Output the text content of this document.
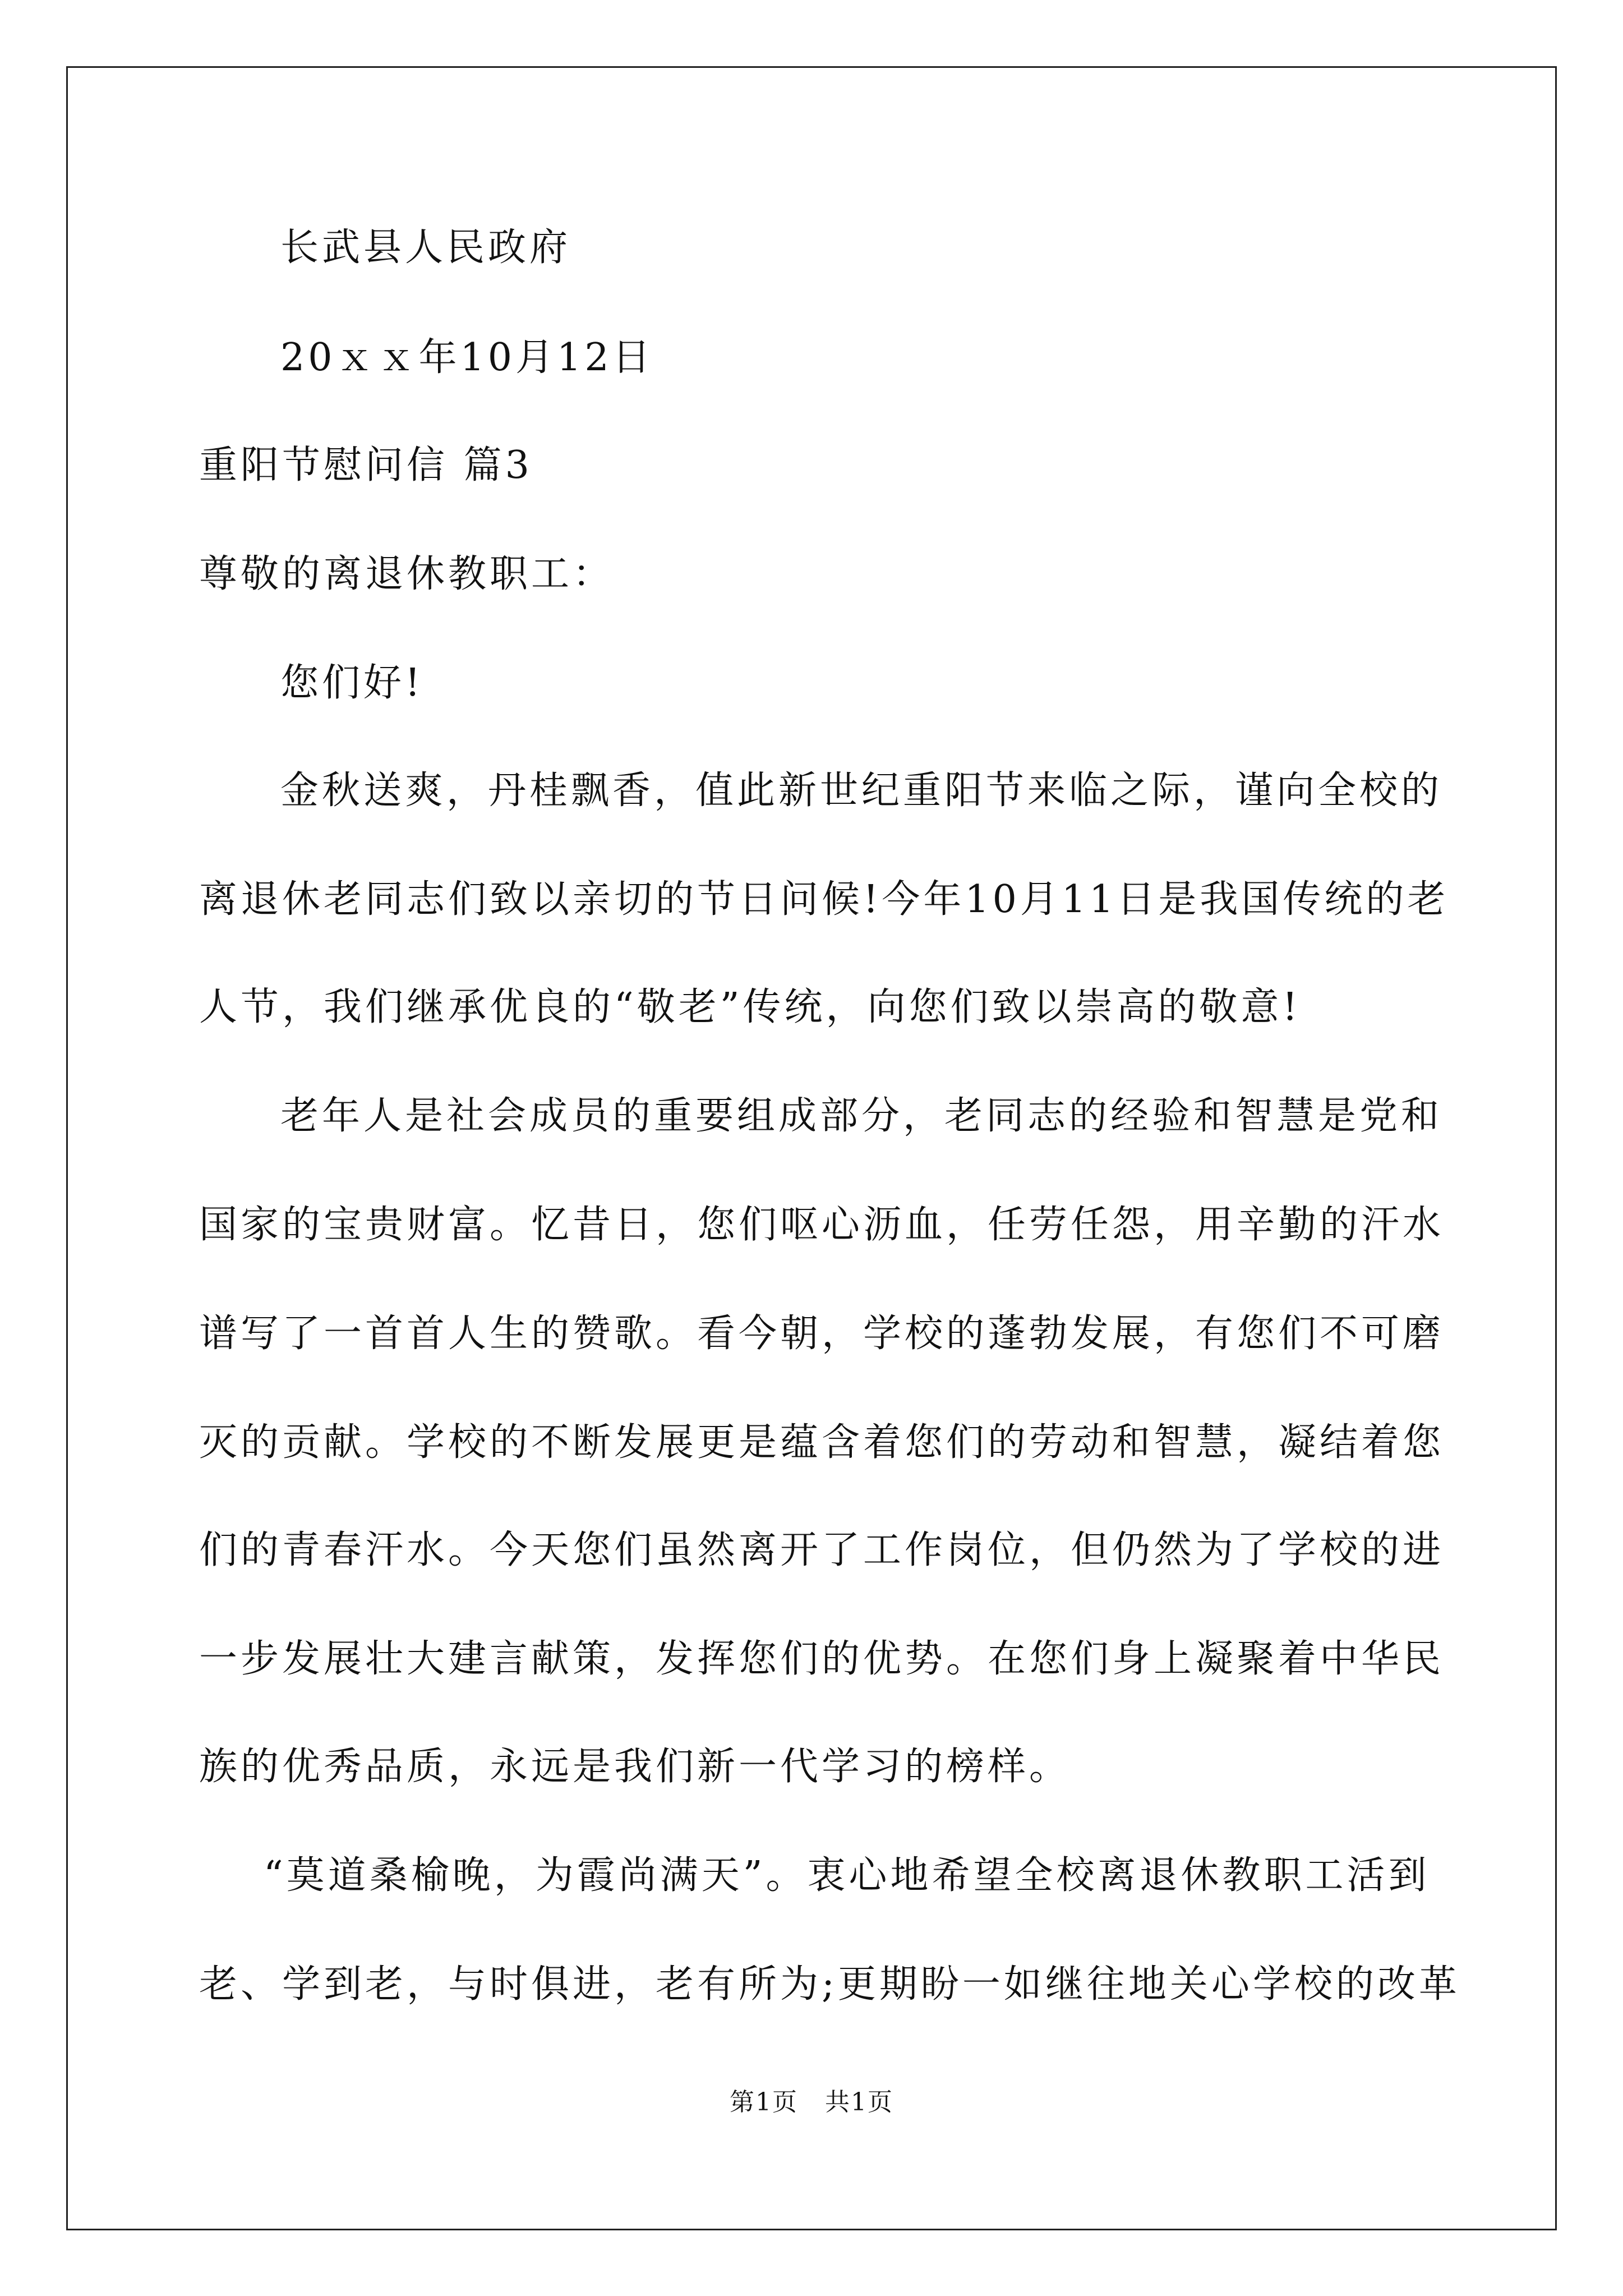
长武县人民政府
20ｘｘ年10月12日
重阳节慰问信 篇3
尊敬的离退休教职工：
您们好!
金秋送爽，丹桂飘香，值此新世纪重阳节来临之际，谨向全校的
离退休老同志们致以亲切的节日问候!今年10月11日是我国传统的老
人节，我们继承优良的“敬老”传统，向您们致以崇高的敬意!
老年人是社会成员的重要组成部分，老同志的经验和智慧是党和
国家的宝贵财富。忆昔日，您们呕心沥血，任劳任怨，用辛勤的汗水
谱写了一首首人生的赞歌。看今朝，学校的蓬勃发展，有您们不可磨
灭的贡献。学校的不断发展更是蕴含着您们的劳动和智慧，凝结着您
们的青春汗水。今天您们虽然离开了工作岗位，但仍然为了学校的进
一步发展壮大建言献策，发挥您们的优势。在您们身上凝聚着中华民
族的优秀品质，永远是我们新一代学习的榜样。
“莫道桑榆晚，为霞尚满天”。衷心地希望全校离退休教职工活到
老、学到老，与时俱进，老有所为;更期盼一如继往地关心学校的改革
第1页   共1页
